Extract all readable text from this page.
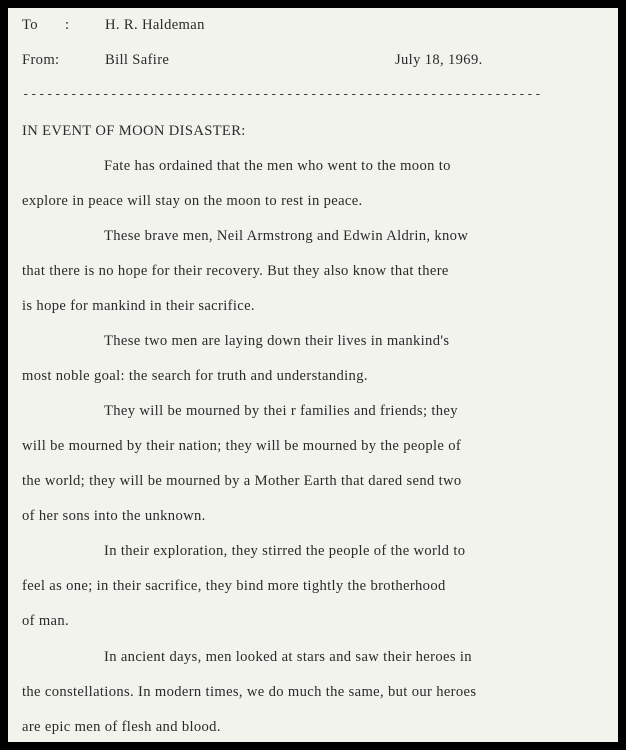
To : H. R. Haldeman
From:	Bill Safire	July 18, 1969.
-----------------------------------------------------------------
IN EVENT OF MOON DISASTER:
Fate has ordained that the men who went to the moon to
explore in peace will stay on the moon to rest in peace.
These brave men, Neil Armstrong and Edwin Aldrin, know
that there is no hope for their recovery. But they also know that there
is hope for mankind in their sacrifice.
These two men are laying down their lives in mankind's
most noble goal: the search for truth and understanding.
They will be mourned by thei r families and friends; they
will be mourned by their nation; they will be mourned by the people of
the world; they will be mourned by a Mother Earth that dared send two
of her sons into the unknown.
In their exploration, they stirred the people of the world to
feel as one; in their sacrifice, they bind more tightly the brotherhood
of man.
In ancient days, men looked at stars and saw their heroes in
the constellations. In modern times, we do much the same, but our heroes
are epic men of flesh and blood.
